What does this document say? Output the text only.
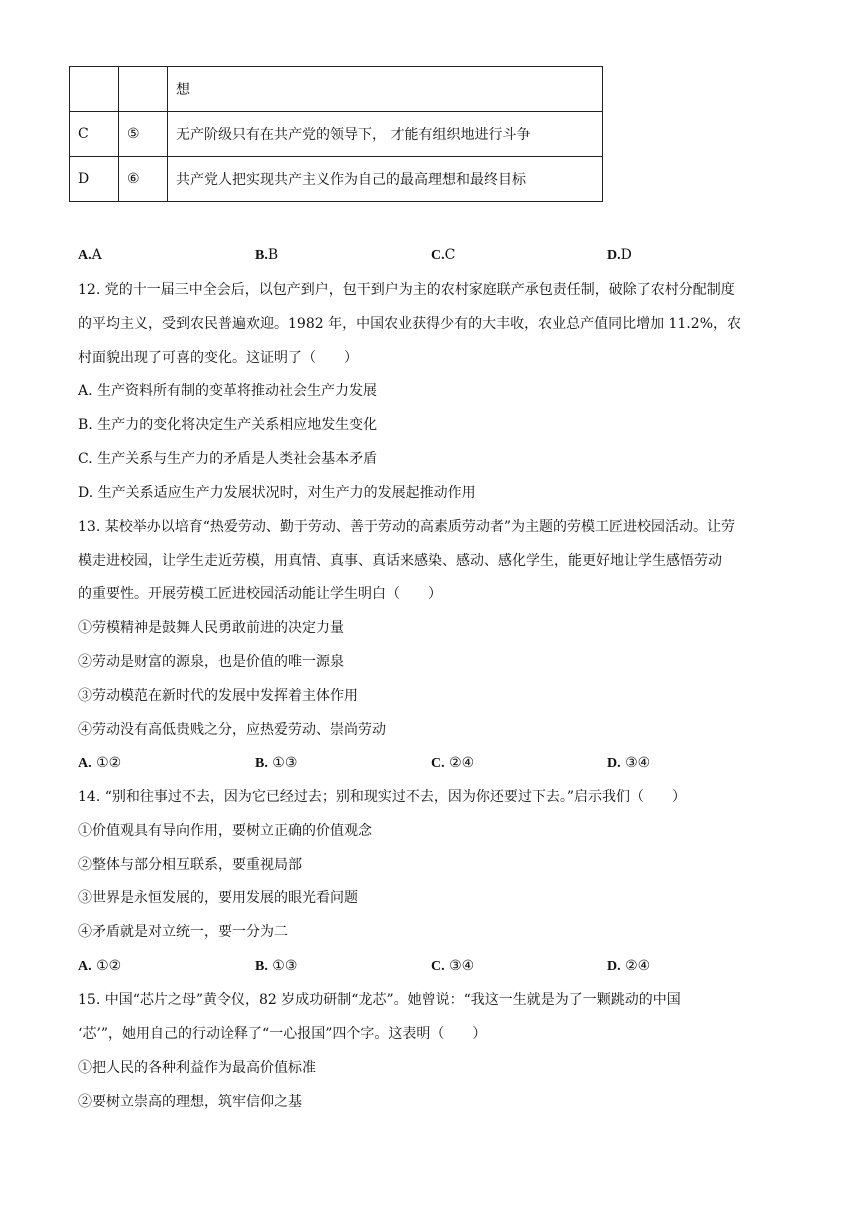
		想
C	⑤	无产阶级只有在共产党的领导下， 才能有组织地进行斗争
D	⑥	共产党人把实现共产主义作为自己的最高理想和最终目标
A.A	B.B	C.C	D.D
12. 党的十一届三中全会后，以包产到户，包干到户为主的农村家庭联产承包责任制，破除了农村分配制度
的平均主义，受到农民普遍欢迎。1982 年，中国农业获得少有的大丰收，农业总产值同比增加 11.2%，农
村面貌出现了可喜的变化。这证明了（　　）
A. 生产资料所有制的变革将推动社会生产力发展
B. 生产力的变化将决定生产关系相应地发生变化
C. 生产关系与生产力的矛盾是人类社会基本矛盾
D. 生产关系适应生产力发展状况时，对生产力的发展起推动作用
13. 某校举办以培育“热爱劳动、勤于劳动、善于劳动的高素质劳动者”为主题的劳模工匠进校园活动。让劳
模走进校园，让学生走近劳模，用真情、真事、真话来感染、感动、感化学生，能更好地让学生感悟劳动
的重要性。开展劳模工匠进校园活动能让学生明白（　　）
①劳模精神是鼓舞人民勇敢前进的决定力量
②劳动是财富的源泉，也是价值的唯一源泉
③劳动模范在新时代的发展中发挥着主体作用
④劳动没有高低贵贱之分，应热爱劳动、崇尚劳动
A. ①②	B. ①③	C. ②④	D. ③④
14. “别和往事过不去，因为它已经过去；别和现实过不去，因为你还要过下去。”启示我们（　　）
①价值观具有导向作用，要树立正确的价值观念
②整体与部分相互联系，要重视局部
③世界是永恒发展的，要用发展的眼光看问题
④矛盾就是对立统一，要一分为二
A. ①②	B. ①③	C. ③④	D. ②④
15. 中国“芯片之母”黄令仪，82 岁成功研制“龙芯”。她曾说：“我这一生就是为了一颗跳动的中国
‘芯’”，她用自己的行动诠释了“一心报国”四个字。这表明（　　）
①把人民的各种利益作为最高价值标准
②要树立崇高的理想，筑牢信仰之基
